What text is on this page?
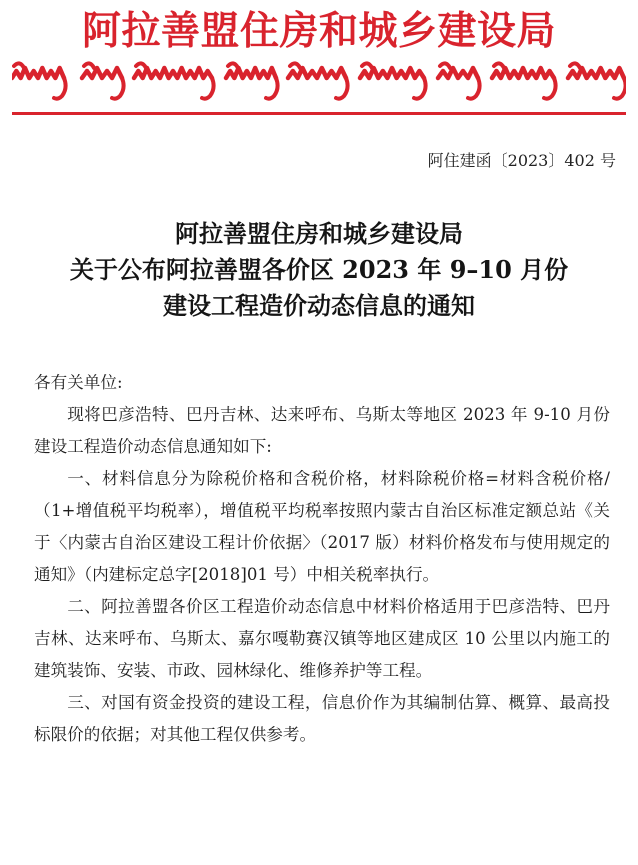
阿拉善盟住房和城乡建设局
阿住建函〔2023〕402 号
阿拉善盟住房和城乡建设局
关于公布阿拉善盟各价区 2023 年 9–10 月份
建设工程造价动态信息的通知

各有关单位:

现将巴彦浩特、巴丹吉林、达来呼布、乌斯太等地区 2023 年 9-10 月份建设工程造价动态信息通知如下:

一、材料信息分为除税价格和含税价格，材料除税价格=材料含税价格/（1+增值税平均税率），增值税平均税率按照内蒙古自治区标准定额总站《关于〈内蒙古自治区建设工程计价依据〉（2017 版）材料价格发布与使用规定的通知》（内建标定总字[2018]01 号）中相关税率执行。

二、阿拉善盟各价区工程造价动态信息中材料价格适用于巴彦浩特、巴丹吉林、达来呼布、乌斯太、嘉尔嘎勒赛汉镇等地区建成区 10 公里以内施工的建筑装饰、安装、市政、园林绿化、维修养护等工程。

三、对国有资金投资的建设工程，信息价作为其编制估算、概算、最高投标限价的依据；对其他工程仅供参考。
